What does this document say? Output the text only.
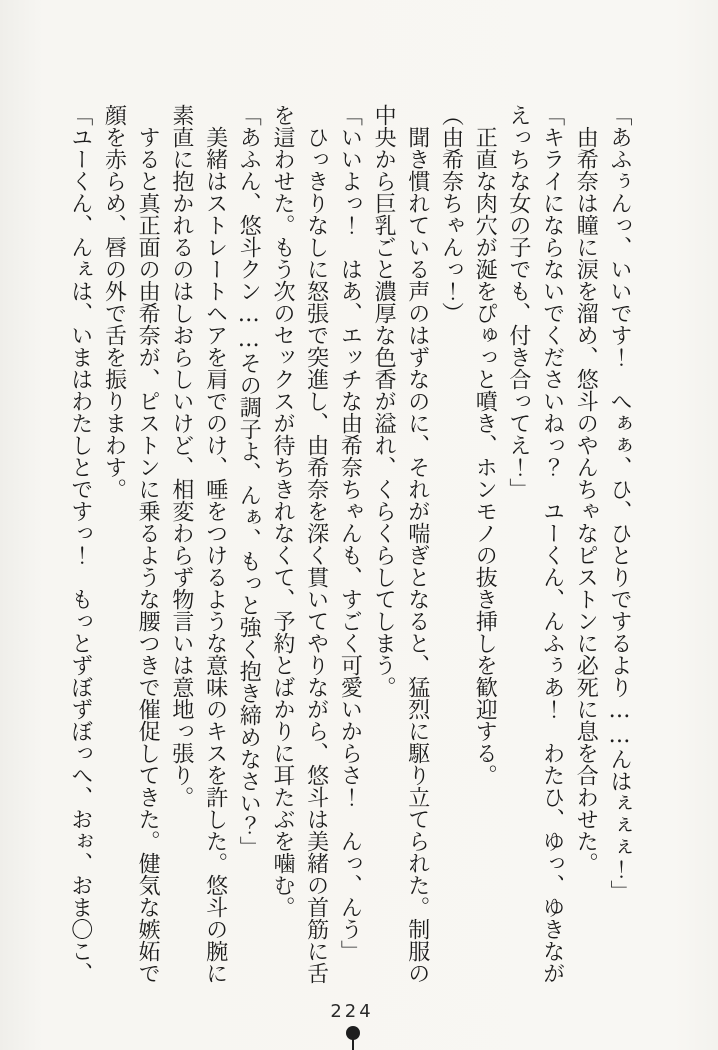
「あふぅんっ、いいです！　へぁぁ、ひ、ひとりでするより……んはぇぇぇ！」

由希奈は瞳に涙を溜め、悠斗のやんちゃなピストンに必死に息を合わせた。

「キライにならないでくださいねっ？　ユーくん、んふぅあ！　わたひ、ゆっ、ゆきなが

えっちな女の子でも、付き合ってえ！」

正直な肉穴が涎をぴゅっと噴き、ホンモノの抜き挿しを歓迎する。

（由希奈ちゃんっ！）

聞き慣れている声のはずなのに、それが喘ぎとなると、猛烈に駆り立てられた。制服の

中央から巨乳ごと濃厚な色香が溢れ、くらくらしてしまう。

「いいよっ！　はあ、エッチな由希奈ちゃんも、すごく可愛いからさ！　んっ、んう」

ひっきりなしに怒張で突進し、由希奈を深く貫いてやりながら、悠斗は美緒の首筋に舌

を這わせた。もう次のセックスが待ちきれなくて、予約とばかりに耳たぶを噛む。

「あふん、悠斗クン……その調子よ、んぁ、もっと強く抱き締めなさい？」

美緒はストレートヘアを肩でのけ、唾をつけるような意味のキスを許した。悠斗の腕に

素直に抱かれるのはしおらしいけど、相変わらず物言いは意地っ張り。

すると真正面の由希奈が、ピストンに乗るような腰つきで催促してきた。健気な嫉妬で

顔を赤らめ、唇の外で舌を振りまわす。

「ユーくん、んぇは、いまはわたしとですっ！　もっとずぼずぼっへ、おぉ、おま〇こ、

224
